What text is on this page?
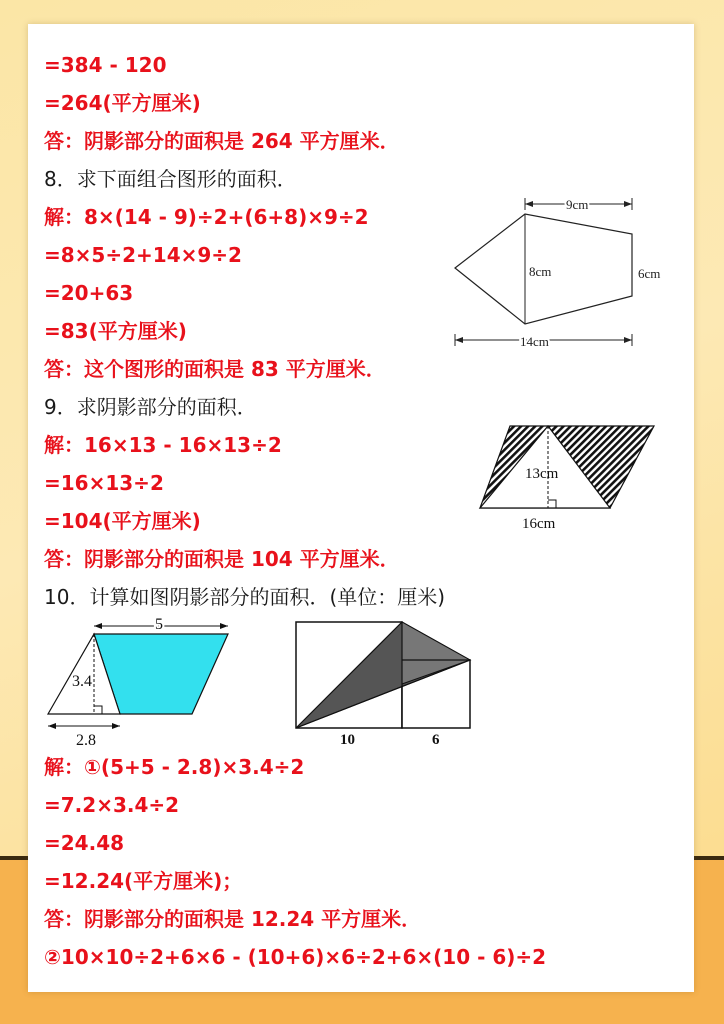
=384 - 120
=264(平方厘米)
答：阴影部分的面积是 264 平方厘米．
8．求下面组合图形的面积．
解：8×(14 - 9)÷2+(6+8)×9÷2
=8×5÷2+14×9÷2
=20+63
=83(平方厘米)
答：这个图形的面积是 83 平方厘米．
9．求阴影部分的面积．
解：16×13 - 16×13÷2
=16×13÷2
=104(平方厘米)
答：阴影部分的面积是 104 平方厘米．
10．计算如图阴影部分的面积．(单位：厘米)
解：①(5+5 - 2.8)×3.4÷2
=7.2×3.4÷2
=24.48
=12.24(平方厘米)；
答：阴影部分的面积是 12.24 平方厘米．
②10×10÷2+6×6 - (10+6)×6÷2+6×(10 - 6)÷2
9cm
8cm	6cm
14cm
13cm
16cm
5
3.4
2.8	10	6
